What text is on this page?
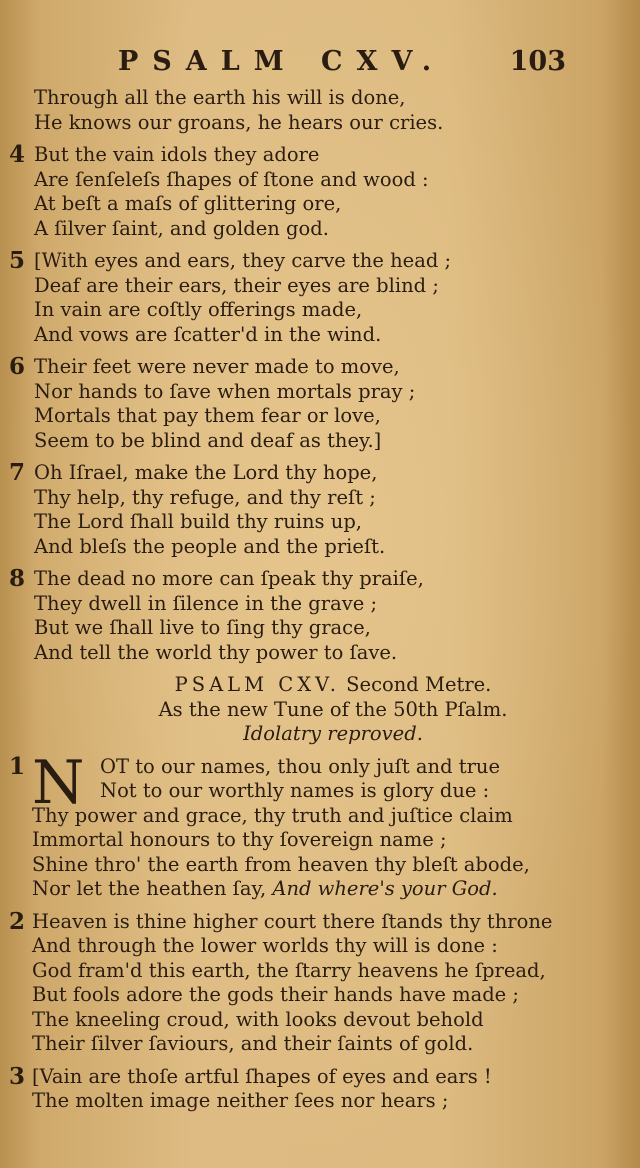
PSALM CXV. 103
Through all the earth his will is done,
He knows our groans, he hears our cries.
4 But the vain idols they adore
Are ſenſeleſs ſhapes of ſtone and wood :
At beſt a maſs of glittering ore,
A ſilver ſaint, and golden god.
5 [With eyes and ears, they carve the head ;
Deaf are their ears, their eyes are blind ;
In vain are coſtly offerings made,
And vows are ſcatter'd in the wind.
6 Their feet were never made to move,
Nor hands to ſave when mortals pray ;
Mortals that pay them fear or love,
Seem to be blind and deaf as they.]
7 Oh Iſrael, make the Lord thy hope,
Thy help, thy refuge, and thy reſt ;
The Lord ſhall build thy ruins up,
And bleſs the people and the prieſt.
8 The dead no more can ſpeak thy praiſe,
They dwell in ſilence in the grave ;
But we ſhall live to ſing thy grace,
And tell the world thy power to ſave.
PSALM CXV. Second Metre.
As the new Tune of the 50th Pſalm.
Idolatry reproved.
1 N OT to our names, thou only juſt and true
Not to our worthly names is glory due :
Thy power and grace, thy truth and juſtice claim
Immortal honours to thy ſovereign name ;
Shine thro' the earth from heaven thy bleſt abode,
Nor let the heathen ſay, And where's your God.
2 Heaven is thine higher court there ſtands thy throne
And through the lower worlds thy will is done :
God fram'd this earth, the ſtarry heavens he ſpread,
But fools adore the gods their hands have made ;
The kneeling croud, with looks devout behold
Their ſilver ſaviours, and their ſaints of gold.
3 [Vain are thoſe artful ſhapes of eyes and ears !
The molten image neither ſees nor hears ;
